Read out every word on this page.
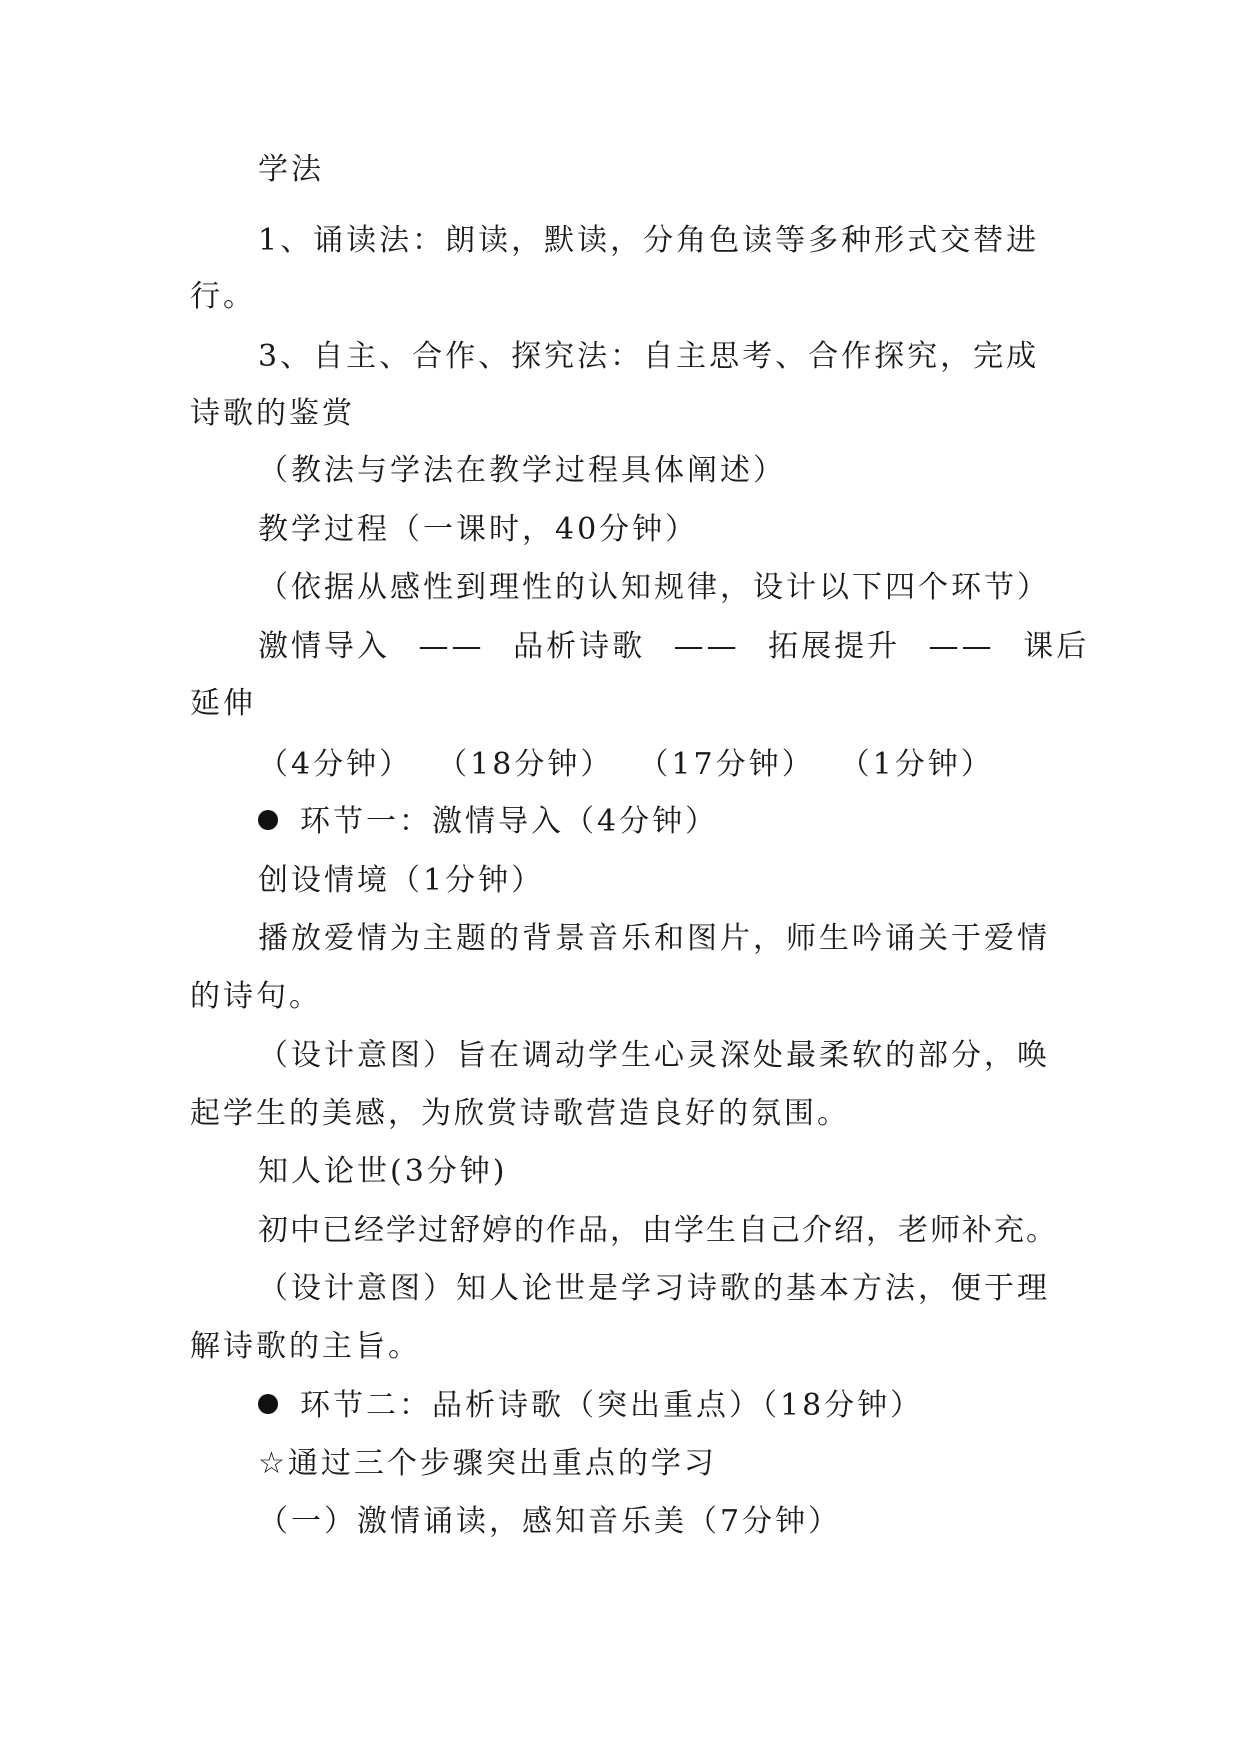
学法
1、诵读法：朗读，默读，分角色读等多种形式交替进
行。
3、自主、合作、探究法：自主思考、合作探究，完成
诗歌的鉴赏
（教法与学法在教学过程具体阐述）
教学过程（一课时，40分钟）
（依据从感性到理性的认知规律，设计以下四个环节）
激情导入 —— 品析诗歌 —— 拓展提升 —— 课后
延伸
（4分钟）  （18分钟）  （17分钟）  （1分钟）
环节一：激情导入（4分钟）
创设情境（1分钟）
播放爱情为主题的背景音乐和图片，师生吟诵关于爱情
的诗句。
（设计意图）旨在调动学生心灵深处最柔软的部分，唤
起学生的美感，为欣赏诗歌营造良好的氛围。
知人论世(3分钟)
初中已经学过舒婷的作品，由学生自己介绍，老师补充。
（设计意图）知人论世是学习诗歌的基本方法，便于理
解诗歌的主旨。
环节二：品析诗歌（突出重点）（18分钟）
☆通过三个步骤突出重点的学习
（一）激情诵读，感知音乐美（7分钟）
